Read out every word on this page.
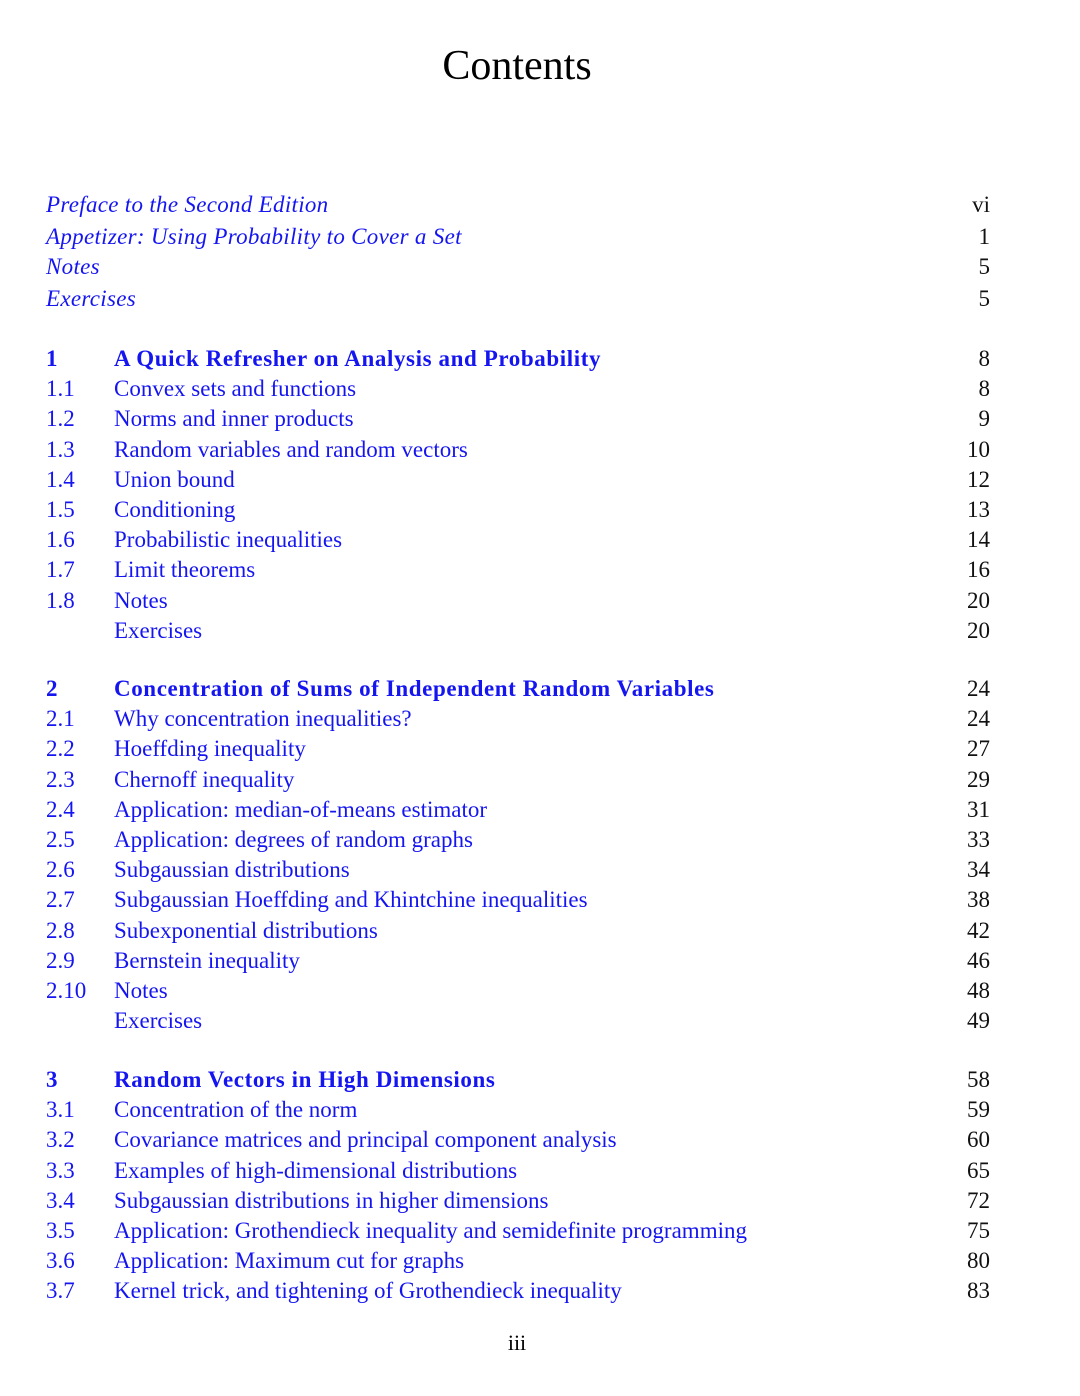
Contents
Preface to the Second Edition	vi
Appetizer: Using Probability to Cover a Set	1
Notes	5
Exercises	5
1	A Quick Refresher on Analysis and Probability	8
1.1	Convex sets and functions	8
1.2	Norms and inner products	9
1.3	Random variables and random vectors	10
1.4	Union bound	12
1.5	Conditioning	13
1.6	Probabilistic inequalities	14
1.7	Limit theorems	16
1.8	Notes	20
Exercises	20
2	Concentration of Sums of Independent Random Variables	24
2.1	Why concentration inequalities?	24
2.2	Hoeffding inequality	27
2.3	Chernoff inequality	29
2.4	Application: median-of-means estimator	31
2.5	Application: degrees of random graphs	33
2.6	Subgaussian distributions	34
2.7	Subgaussian Hoeffding and Khintchine inequalities	38
2.8	Subexponential distributions	42
2.9	Bernstein inequality	46
2.10	Notes	48
Exercises	49
3	Random Vectors in High Dimensions	58
3.1	Concentration of the norm	59
3.2	Covariance matrices and principal component analysis	60
3.3	Examples of high-dimensional distributions	65
3.4	Subgaussian distributions in higher dimensions	72
3.5	Application: Grothendieck inequality and semidefinite programming	75
3.6	Application: Maximum cut for graphs	80
3.7	Kernel trick, and tightening of Grothendieck inequality	83
iii
